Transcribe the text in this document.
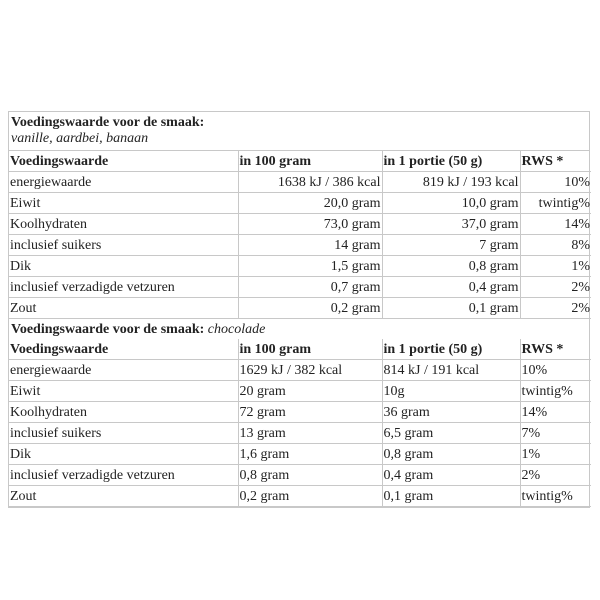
Voedingswaarde voor de smaak:
vanille, aardbei, banaan
Voedingswaarde	in 100 gram	in 1 portie (50 g)	RWS *
energiewaarde	1638 kJ / 386 kcal	819 kJ / 193 kcal	10%
Eiwit	20,0 gram	10,0 gram	twintig%
Koolhydraten	73,0 gram	37,0 gram	14%
inclusief suikers	14 gram	7 gram	8%
Dik	1,5 gram	0,8 gram	1%
inclusief verzadigde vetzuren	0,7 gram	0,4 gram	2%
Zout	0,2 gram	0,1 gram	2%
Voedingswaarde voor de smaak: chocolade
Voedingswaarde	in 100 gram	in 1 portie (50 g)	RWS *
energiewaarde	1629 kJ / 382 kcal	814 kJ / 191 kcal	10%
Eiwit	20 gram	10g	twintig%
Koolhydraten	72 gram	36 gram	14%
inclusief suikers	13 gram	6,5 gram	7%
Dik	1,6 gram	0,8 gram	1%
inclusief verzadigde vetzuren	0,8 gram	0,4 gram	2%
Zout	0,2 gram	0,1 gram	twintig%
